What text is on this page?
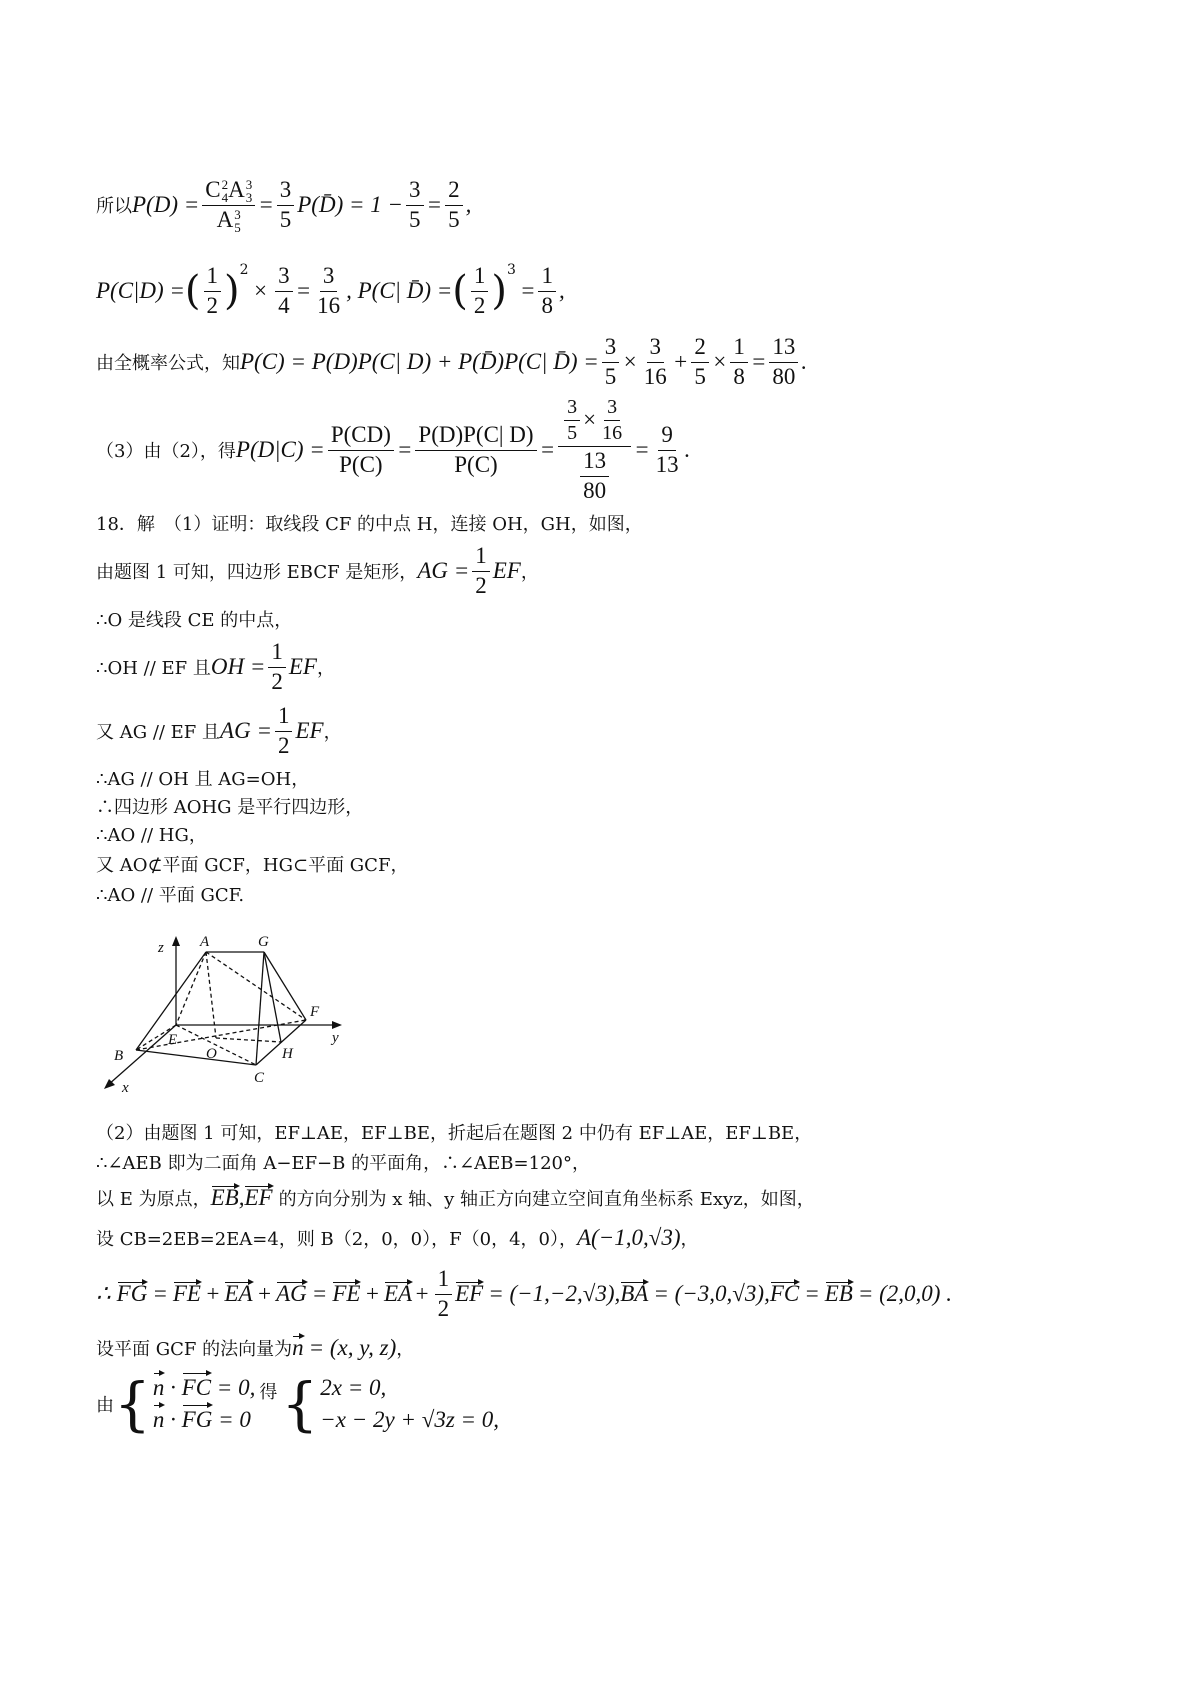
所以 P(D) = C 2
4 A 3
3
A 3
$5 = \frac{3}{5}$ P(D̄) = $1 - \frac{3}{5} = \frac{2}{5}$ ,
P(C|D) = ( $\frac{1}{2}$ ) 2
× $\frac{3}{4} = \frac{3}{16}$ , P(C| D̄) = ( $\frac{1}{2}$ ) 3
= $\frac{1}{8}$ ,
由全概率公式，知 P(C) = P(D)P(C| D) + P(D̄)P(C| D̄) = $\frac{3}{5} \times \frac{3}{16} + \frac{2}{5} \times \frac{1}{8} = \frac{13}{80}$ .
（3）由（2），得 $P(D|C) = \frac{P(CD)}{P(C)} = \frac{P(D)P(C| D)}{P(C)} = \frac{\frac{3}{5} \times \frac{3}{16}}{\frac{13}{80}} = \frac{9}{13}$ .
18．解　（1）证明：取线段 CF 的中点 H，连接 OH，GH，如图，
由题图 1 可知，四边形 EBCF 是矩形， AG = $\frac{1}{2}$ EF ，
∴O 是线段 CE 的中点，
∴OH // EF 且 OH = $\frac{1}{2}$ EF ，
又 AG // EF 且 AG = $\frac{1}{2}$ EF ，
∴AG // OH 且 AG=OH，
∴四边形 AOHG 是平行四边形，
∴AO // HG，
又 AO⊄平面 GCF，HG⊂平面 GCF，
∴AO // 平面 GCF.
z A	G
F
y
E
B	O	H
C
x
（2）由题图 1 可知，EF⊥AE，EF⊥BE，折起后在题图 2 中仍有 EF⊥AE，EF⊥BE，
∴∠AEB 即为二面角 A−EF−B 的平面角，∴∠AEB=120°，
以 E 为原点， EB , EF 的方向分别为 x 轴、y 轴正方向建立空间直角坐标系 Exyz，如图，
设 CB=2EB=2EA=4，则 B（2，0，0），F（0，4，0）， A(−1,0,√3) ，
∴ FG = FE + EA + AG = FE + EA + $\frac{1}{2}$ EF = (−1,−2,√3), BA = (−3,0,√3), FC = EB = (2,0,0) .
设平面 GCF 的法向量为 n = (x, y, z) ，
由 { n · FC = 0,
n · FG = 0
得 { 2x = 0,
−x − 2y + √3z = 0,
